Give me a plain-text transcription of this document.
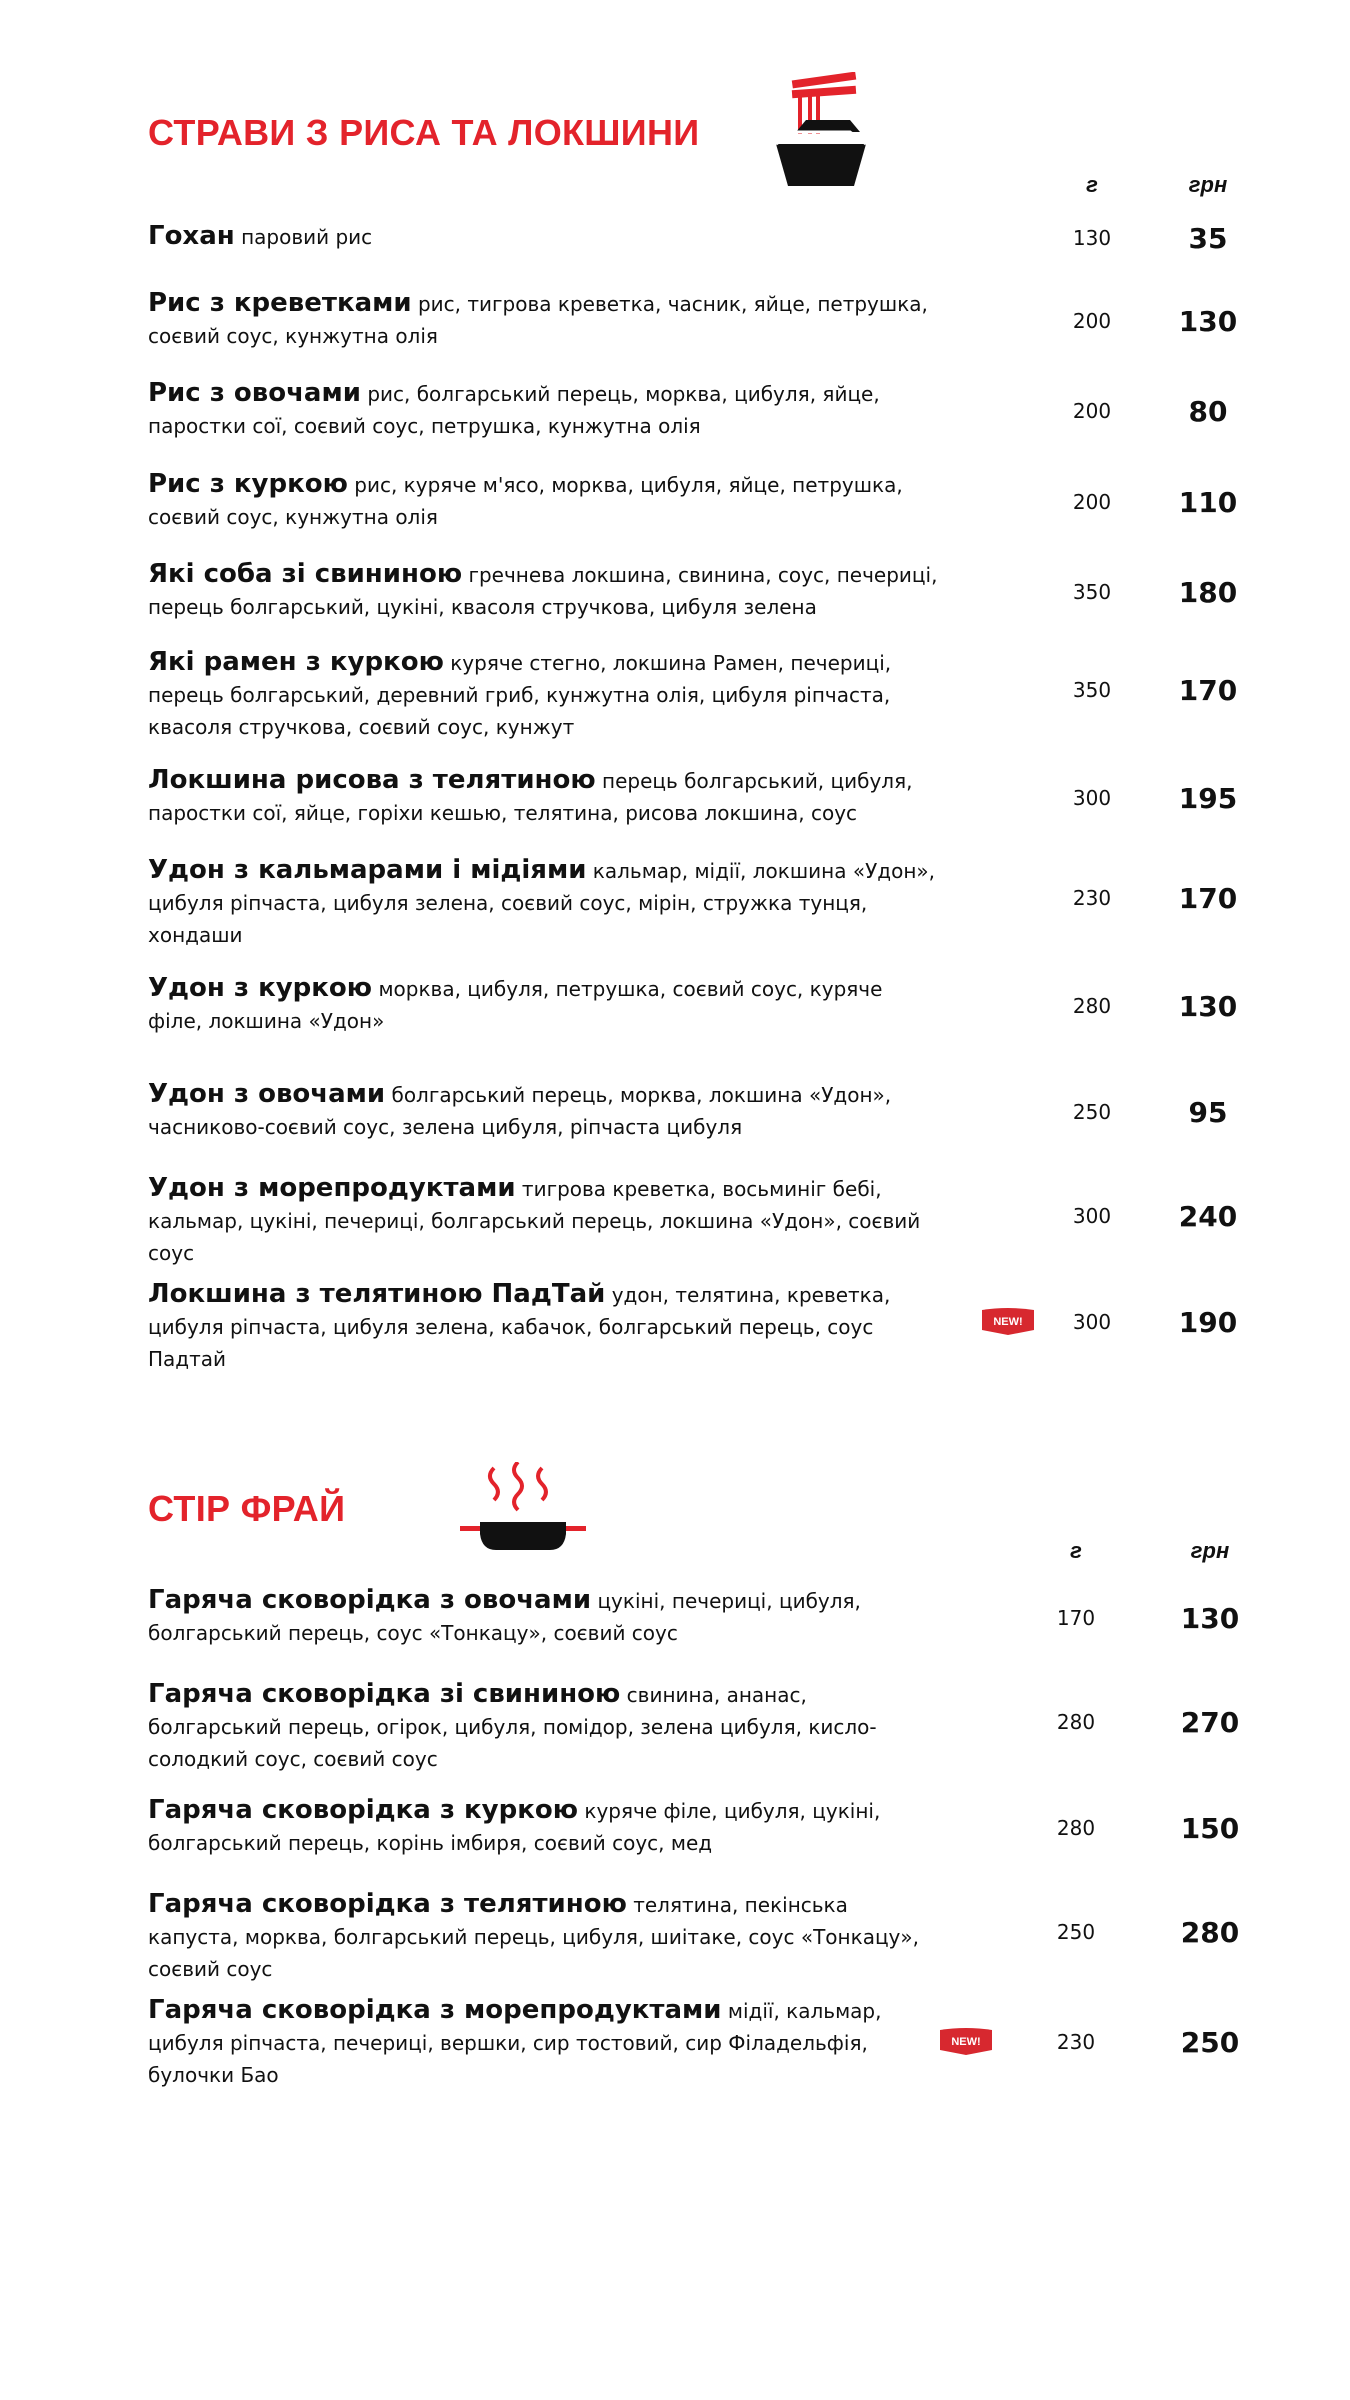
СТРАВИ З РИСА ТА ЛОКШИНИ
г	грн
Гохан паровий рис	130	35
Рис з креветками рис, тигрова креветка, часник, яйце, петрушка, соєвий соус, кунжутна олія
200	130
Рис з овочами рис, болгарський перець, морква, цибуля, яйце, паростки сої, соєвий соус, петрушка, кунжутна олія
200	80
Рис з куркою рис, куряче м'ясо, морква, цибуля, яйце, петрушка, соєвий соус, кунжутна олія
200	110
Які соба зі свининою гречнева локшина, свинина, соус, печериці, перець болгарський, цукіні, квасоля стручкова, цибуля зелена
350	180
Які рамен з куркою куряче стегно, локшина Рамен, печериці, перець болгарський, деревний гриб, кунжутна олія, цибуля ріпчаста, квасоля стручкова, соєвий соус, кунжут
350	170
Локшина рисова з телятиною перець болгарський, цибуля, паростки сої, яйце, горіхи кешью, телятина, рисова локшина, соус
300	195
Удон з кальмарами і мідіями кальмар, мідії, локшина «Удон», цибуля ріпчаста, цибуля зелена, соєвий соус, мірін, стружка тунця, хондаши
230	170
Удон з куркою морква, цибуля, петрушка, соєвий соус, куряче філе, локшина «Удон»
280	130
Удон з овочами болгарський перець, морква, локшина «Удон», часниково-соєвий соус, зелена цибуля, ріпчаста цибуля
250	95
Удон з морепродуктами тигрова креветка, восьминіг бебі, кальмар, цукіні, печериці, болгарський перець, локшина «Удон», соєвий соус
300	240
Локшина з телятиною ПадТай удон, телятина, креветка, цибуля ріпчаста, цибуля зелена, кабачок, болгарський перець, соус Падтай
NEW!	300	190
СТІР ФРАЙ
г	грн
Гаряча сковорідка з овочами цукіні, печериці, цибуля, болгарський перець, соус «Тонкацу», соєвий соус
170	130
Гаряча сковорідка зі свининою свинина, ананас, болгарський перець, огірок, цибуля, помідор, зелена цибуля, кисло-солодкий соус, соєвий соус
280	270
Гаряча сковорідка з куркою куряче філе, цибуля, цукіні, болгарський перець, корінь імбиря, соєвий соус, мед
280	150
Гаряча сковорідка з телятиною телятина, пекінська капуста, морква, болгарський перець, цибуля, шиітаке, соус «Тонкацу», соєвий соус
250	280
Гаряча сковорідка з морепродуктами мідії, кальмар, цибуля ріпчаста, печериці, вершки, сир тостовий, сир Філадельфія, булочки Бао
NEW!	230	250
